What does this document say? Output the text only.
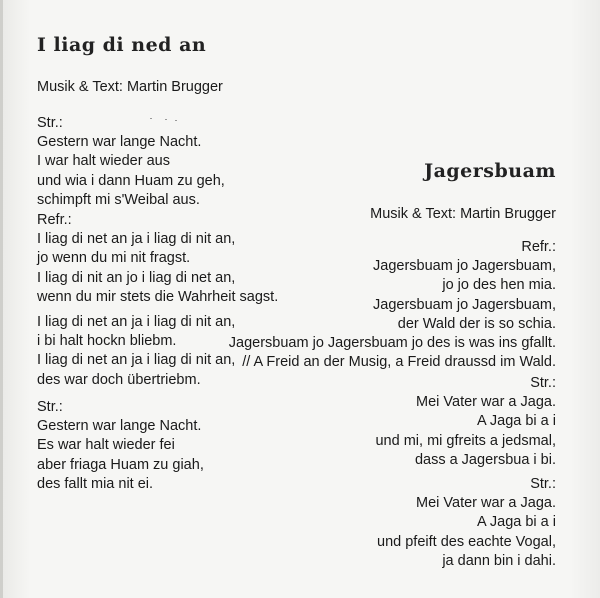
I liag di ned an
Musik & Text: Martin Brugger
Str.:
Gestern war lange Nacht.
I war halt wieder aus
und wia i dann Huam zu geh,
schimpft mi s'Weibal aus.
Refr.:
I liag di net an ja i liag di nit an,
jo wenn du mi nit fragst.
I liag di nit an jo i liag di net an,
wenn du mir stets die Wahrheit sagst.
I liag di net an ja i liag di nit an,
i bi halt hockn bliebm.
I liag di net an ja i liag di nit an,
des war doch übertriebm.
Str.:
Gestern war lange Nacht.
Es war halt wieder fei
aber friaga Huam zu giah,
des fallt mia nit ei.
Jagersbuam
Musik & Text: Martin Brugger
Refr.:
Jagersbuam jo Jagersbuam,
jo jo des hen mia.
Jagersbuam jo Jagersbuam,
der Wald der is so schia.
Jagersbuam jo Jagersbuam jo des is was ins gfallt.
// A Freid an der Musig, a Freid draussd im Wald.
Str.:
Mei Vater war a Jaga.
A Jaga bi a i
und mi, mi gfreits a jedsmal,
dass a Jagersbua i bi.
Str.:
Mei Vater war a Jaga.
A Jaga bi a i
und pfeift des eachte Vogal,
ja dann bin i dahi.
